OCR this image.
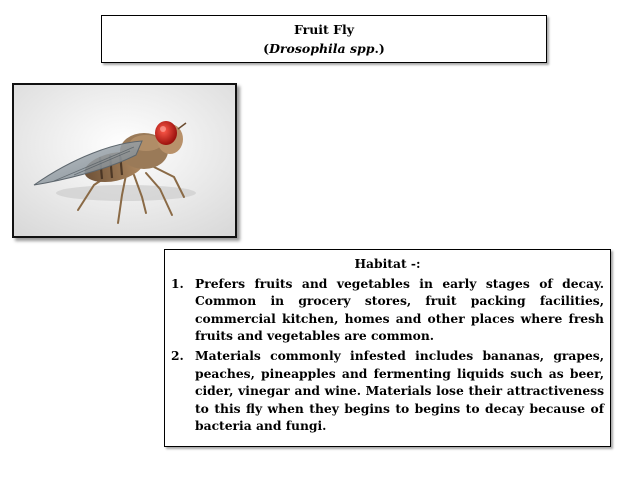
Fruit Fly
(Drosophila spp.)
Habitat -:
1. Prefers fruits and vegetables in early stages of decay. Common in grocery stores, fruit packing facilities, commercial kitchen, homes and other places where fresh fruits and vegetables are common.
2. Materials commonly infested includes bananas, grapes, peaches, pineapples and fermenting liquids such as beer, cider, vinegar and wine. Materials lose their attractiveness to this fly when they begins to begins to decay because of bacteria and fungi.
